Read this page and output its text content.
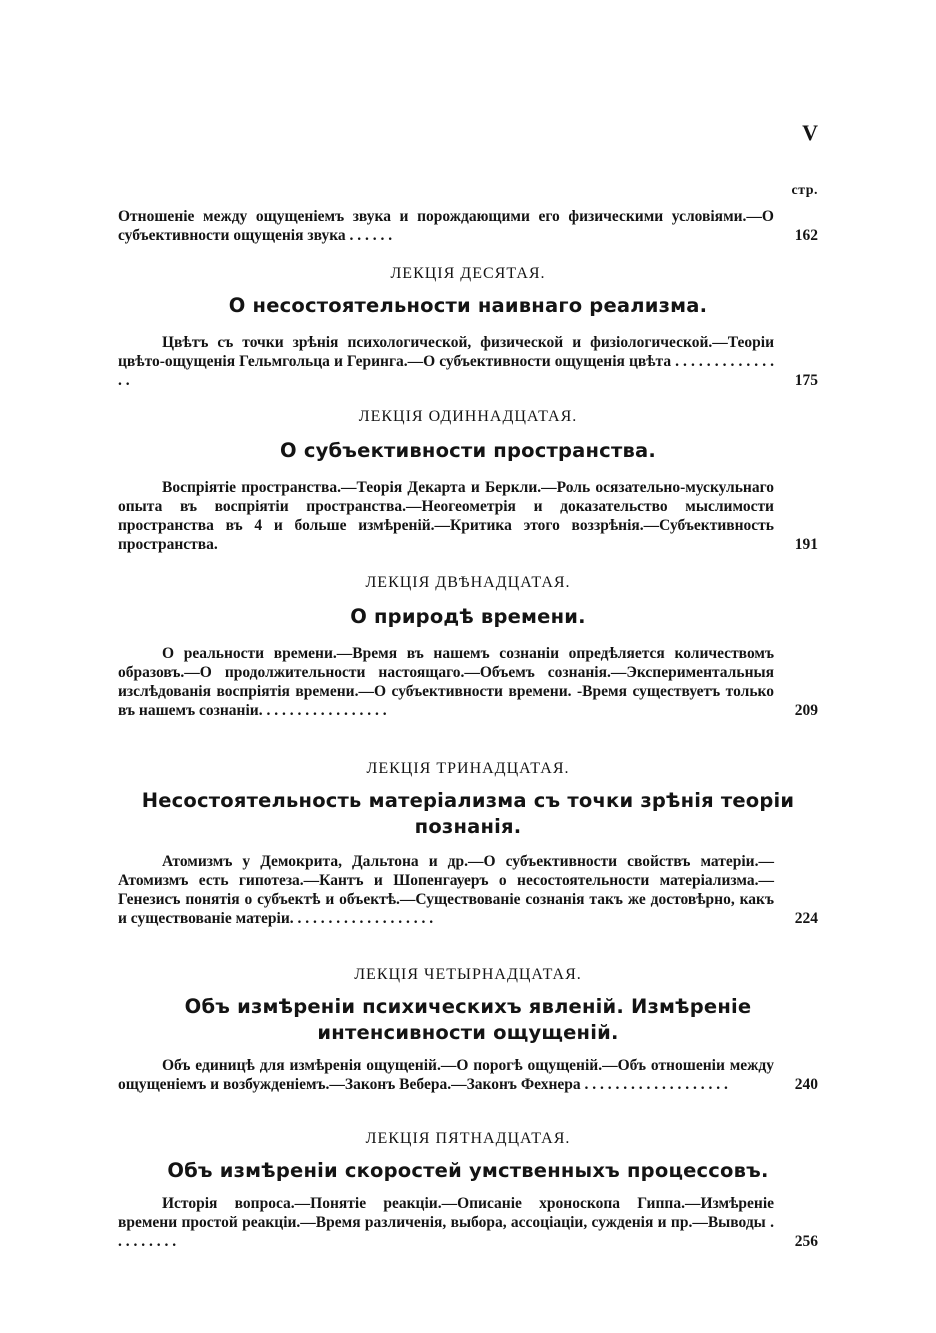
V
стр.

Отношеніе между ощущеніемъ звука и порождающими его физическими условіями.—О субъективности ощущенія звука . . . . . .	162

ЛЕКЦІЯ ДЕСЯТАЯ.
О несостоятельности наивнаго реализма.

Цвѣтъ съ точки зрѣнія психологической, физической и физіологической.—Теоріи цвѣто-ощущенія Гельмгольца и Геринга.—О субъективности ощущенія цвѣта . . . . . . . . . . . . . . .	175

ЛЕКЦІЯ ОДИННАДЦАТАЯ.
О субъективности пространства.

Воспріятіе пространства.—Теорія Декарта и Беркли.—Роль осязательно-мускульнаго опыта въ воспріятіи пространства.—Неогеометрія и доказательство мыслимости пространства въ 4 и больше измѣреній.—Критика этого воззрѣнія.—Субъективность пространства.	191

ЛЕКЦІЯ ДВѢНАДЦАТАЯ.
О природѣ времени.

О реальности времени.—Время въ нашемъ сознаніи опредѣляется количествомъ образовъ.—О продолжительности настоящаго.—Объемъ сознанія.—Экспериментальныя изслѣдованія воспріятія времени.—О субъективности времени. -Время существуетъ только въ нашемъ сознаніи. . . . . . . . . . . . . . . . .	209

ЛЕКЦІЯ ТРИНАДЦАТАЯ.
Несостоятельность матеріализма съ точки зрѣнія теоріи познанія.

Атомизмъ у Демокрита, Дальтона и др.—О субъективности свойствъ матеріи.—Атомизмъ есть гипотеза.—Кантъ и Шопенгауеръ о несостоятельности матеріализма.—Генезисъ понятія о субъектѣ и объектѣ.—Существованіе сознанія такъ же достовѣрно, какъ и существованіе матеріи. . . . . . . . . . . . . . . . . . .	224

ЛЕКЦІЯ ЧЕТЫРНАДЦАТАЯ.
Объ измѣреніи психическихъ явленій. Измѣреніе интенсивности ощущеній.

Объ единицѣ для измѣренія ощущеній.—О порогѣ ощущеній.—Объ отношеніи между ощущеніемъ и возбужденіемъ.—Законъ Вебера.—Законъ Фехнера . . . . . . . . . . . . . . . . . . .	240

ЛЕКЦІЯ ПЯТНАДЦАТАЯ.
Объ измѣреніи скоростей умственныхъ процессовъ.

Исторія вопроса.—Понятіе реакціи.—Описаніе хроноскопа Гиппа.—Измѣреніе времени простой реакціи.—Время различенія, выбора, ассоціаціи, сужденія и пр.—Выводы . . . . . . . . .	256
